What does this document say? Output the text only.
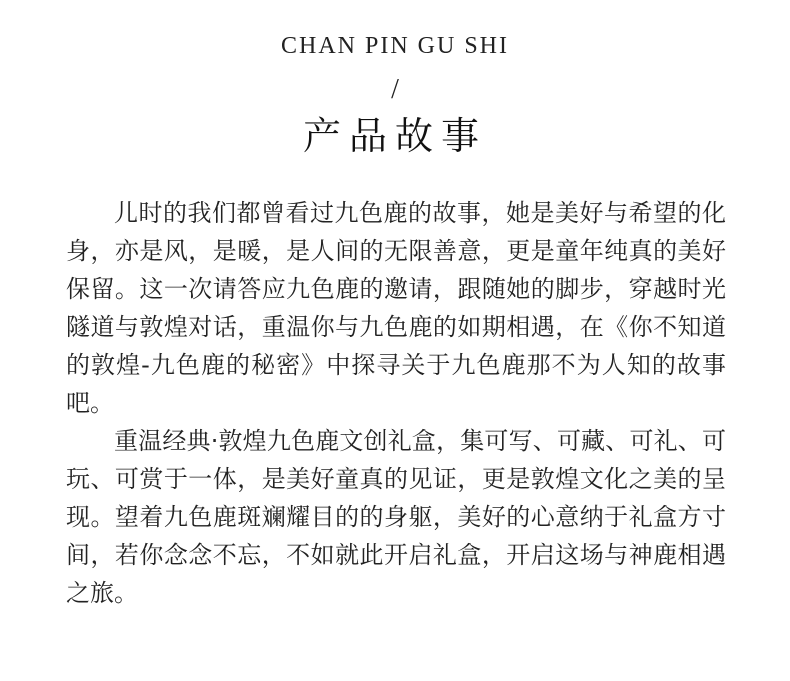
CHAN PIN GU SHI
/
产品故事

儿时的我们都曾看过九色鹿的故事，她是美好与希望的化身，亦是风，是暖，是人间的无限善意，更是童年纯真的美好保留。这一次请答应九色鹿的邀请，跟随她的脚步，穿越时光隧道与敦煌对话，重温你与九色鹿的如期相遇，在《你不知道的敦煌-九色鹿的秘密》中探寻关于九色鹿那不为人知的故事吧。

重温经典·敦煌九色鹿文创礼盒，集可写、可藏、可礼、可玩、可赏于一体，是美好童真的见证，更是敦煌文化之美的呈现。望着九色鹿斑斓耀目的的身躯，美好的心意纳于礼盒方寸间，若你念念不忘，不如就此开启礼盒，开启这场与神鹿相遇之旅。
